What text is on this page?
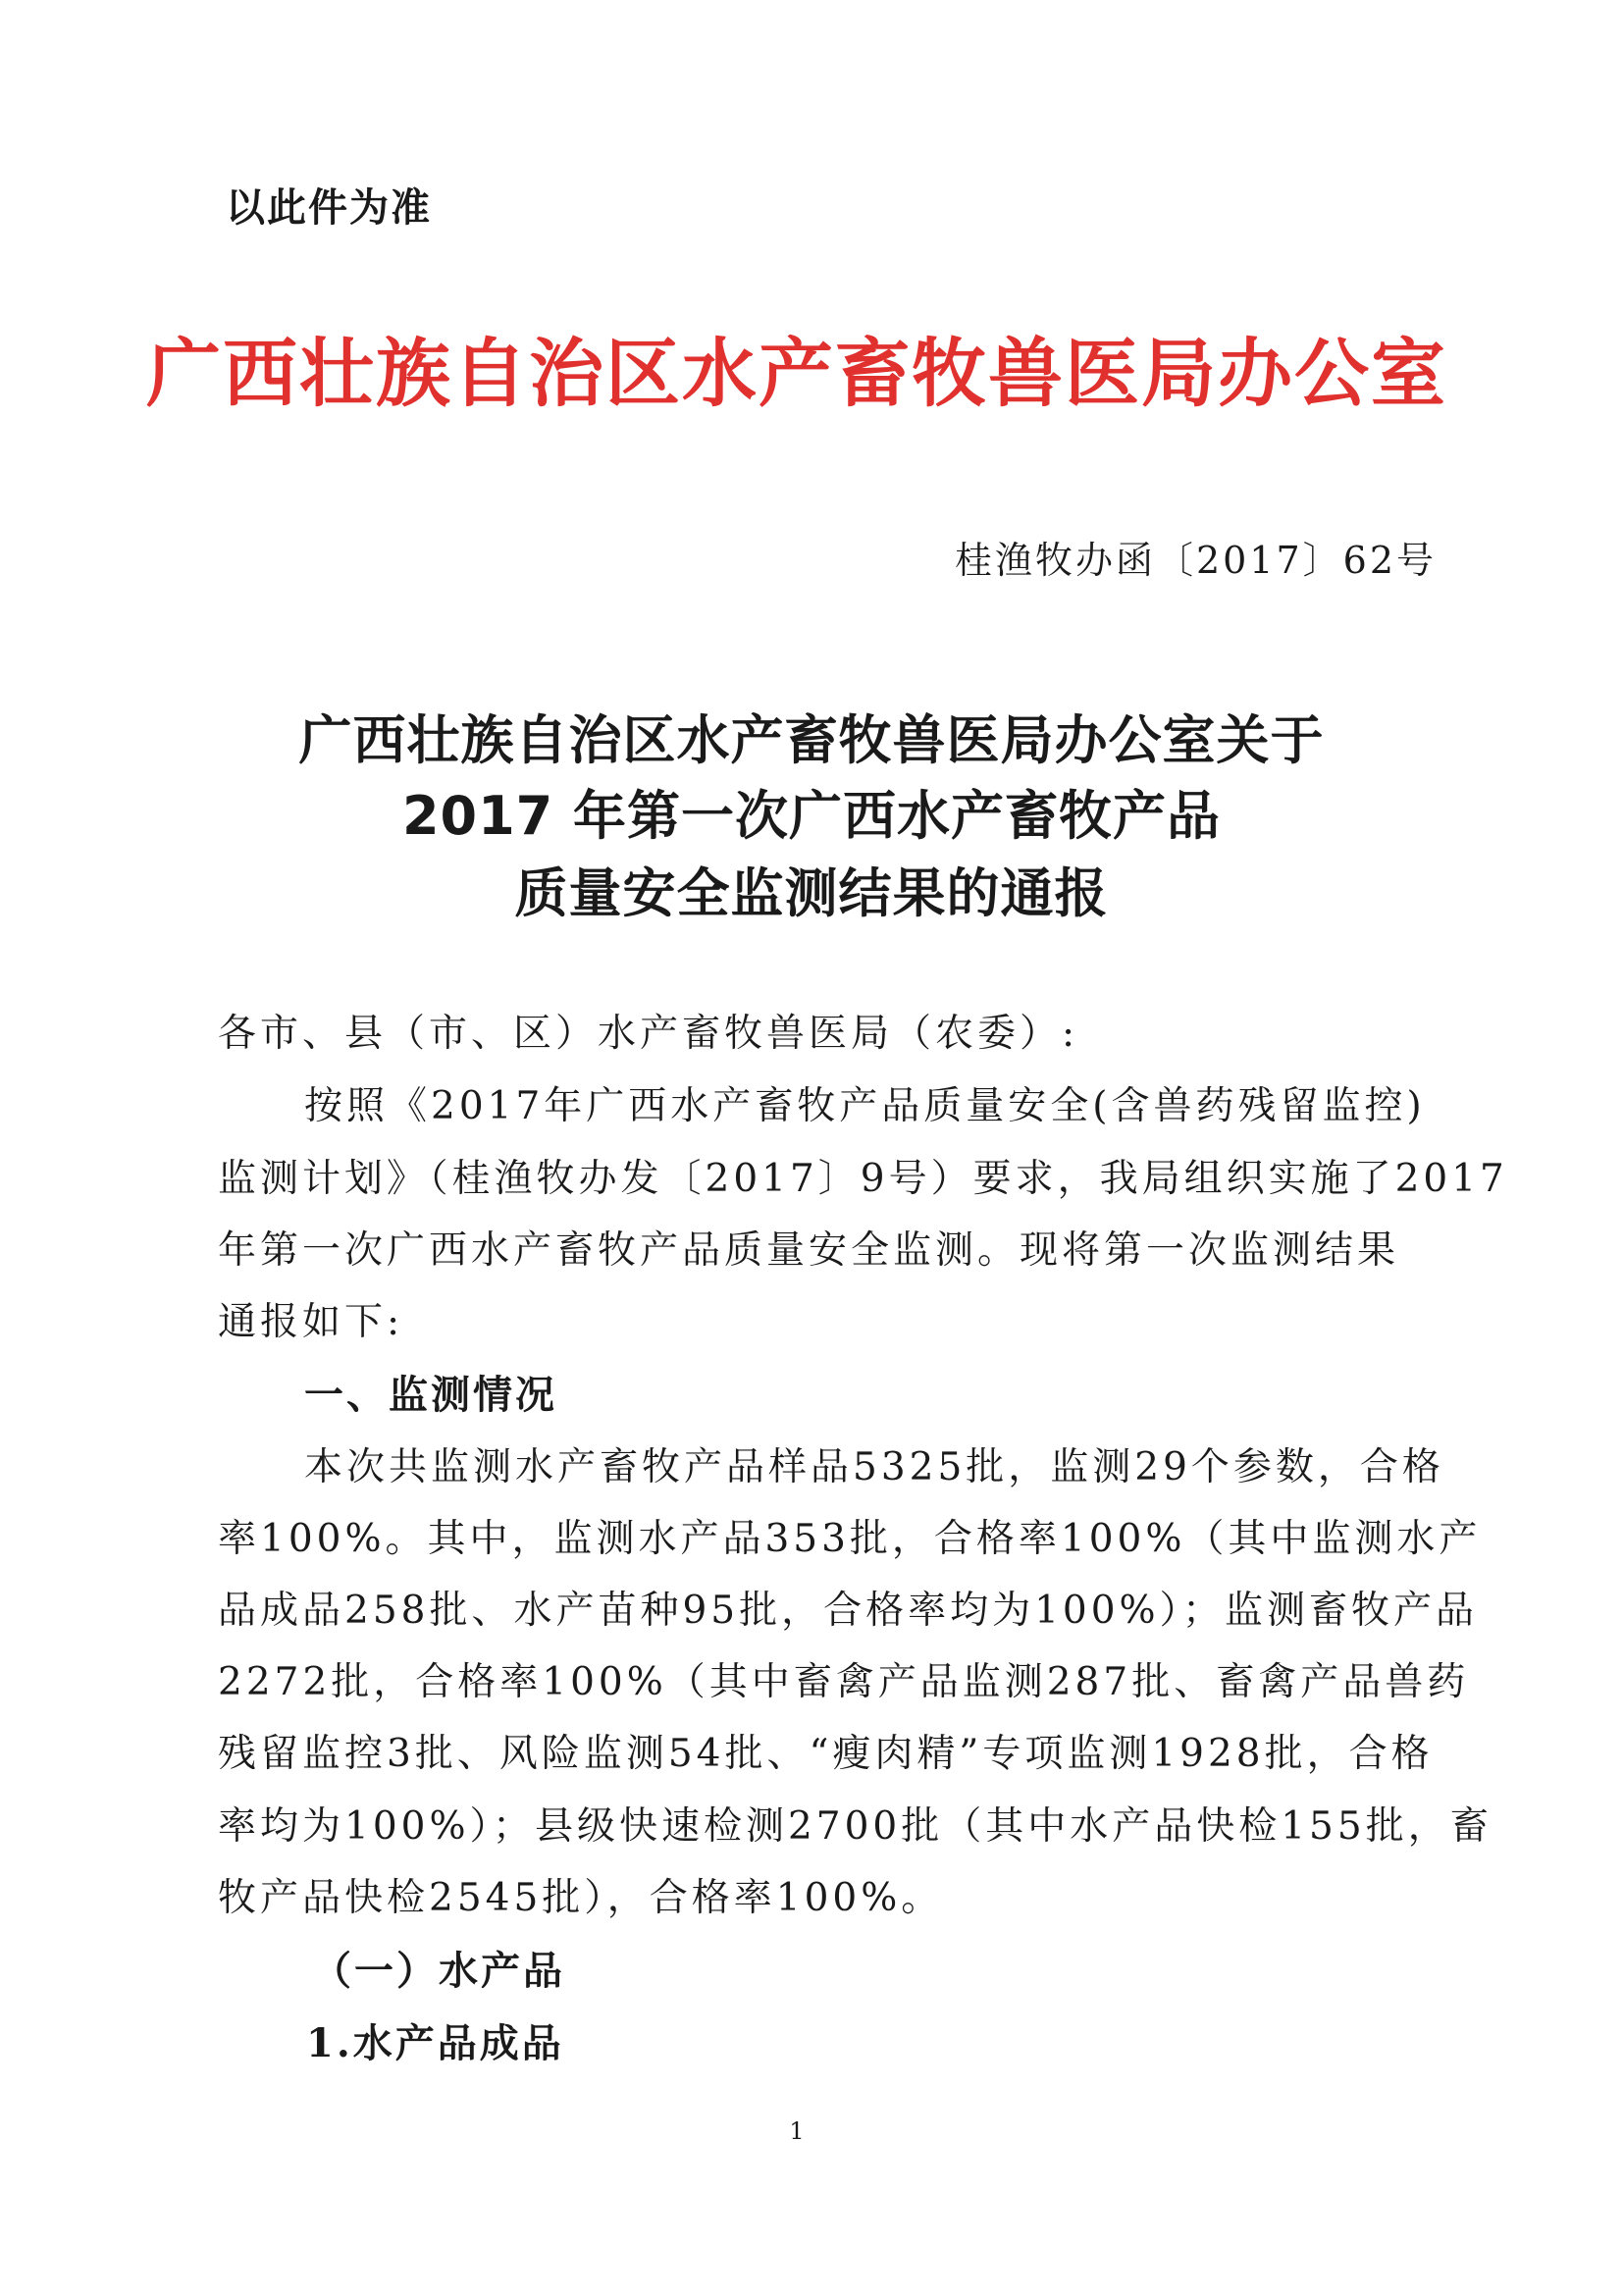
以此件为准
广西壮族自治区水产畜牧兽医局办公室
桂渔牧办函〔2017〕62号
广西壮族自治区水产畜牧兽医局办公室关于
2017 年第一次广西水产畜牧产品
质量安全监测结果的通报
各市、县（市、区）水产畜牧兽医局（农委）:
按照《2017年广西水产畜牧产品质量安全(含兽药残留监控)
监测计划》（桂渔牧办发〔2017〕9号）要求，我局组织实施了2017
年第一次广西水产畜牧产品质量安全监测。现将第一次监测结果
通报如下:
一、监测情况
本次共监测水产畜牧产品样品5325批，监测29个参数，合格
率100%。其中，监测水产品353批，合格率100%（其中监测水产
品成品258批、水产苗种95批，合格率均为100%）；监测畜牧产品
2272批，合格率100%（其中畜禽产品监测287批、畜禽产品兽药
残留监控3批、风险监测54批、“瘦肉精”专项监测1928批，合格
率均为100%）；县级快速检测2700批（其中水产品快检155批，畜
牧产品快检2545批），合格率100%。
（一）水产品
1.水产品成品
1
